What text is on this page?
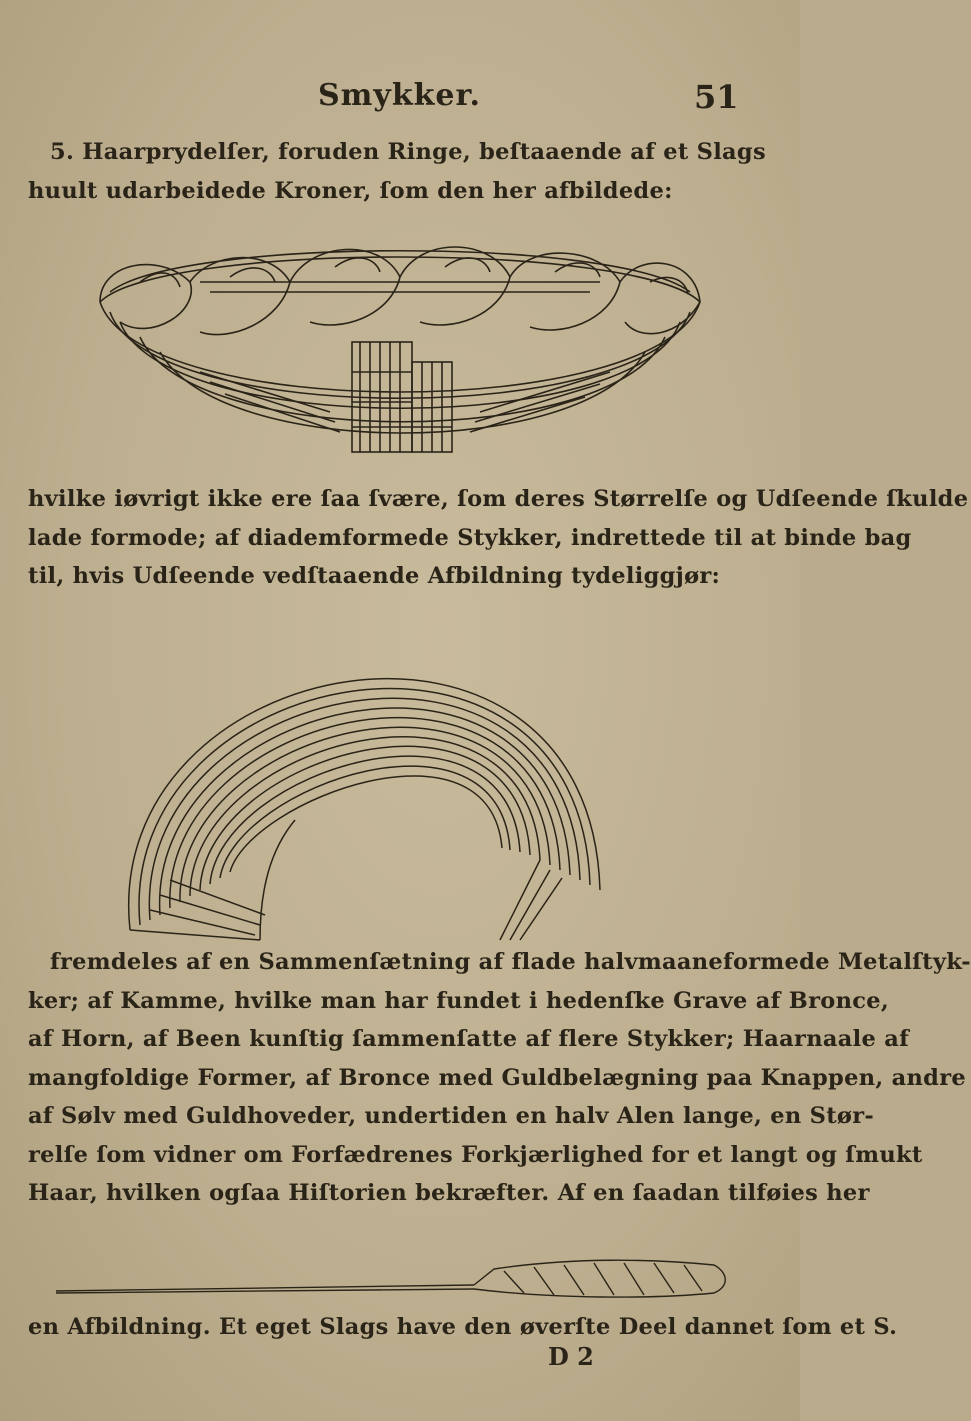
Smykker.	51
5. Haarprydelſer, foruden Ringe, beſtaaende af et Slags
huult udarbeidede Kroner, ſom den her afbildede:
hvilke iøvrigt ikke ere ſaa ſvære, ſom deres Størrelſe og Udſeende ſkulde
lade formode; af diademformede Stykker, indrettede til at binde bag
til, hvis Udſeende vedſtaaende Afbildning tydeliggjør:
fremdeles af en Sammenſætning af flade halvmaaneformede Metalſtyk-
ker; af Kamme, hvilke man har fundet i hedenſke Grave af Bronce,
af Horn, af Been kunſtig ſammenſatte af flere Stykker; Haarnaale af
mangfoldige Former, af Bronce med Guldbelægning paa Knappen, andre
af Sølv med Guldhoveder, undertiden en halv Alen lange, en Stør-
relſe ſom vidner om Forfædrenes Forkjærlighed for et langt og ſmukt
Haar, hvilken ogſaa Hiſtorien bekræfter. Af en ſaadan tilføies her
en Afbildning. Et eget Slags have den øverſte Deel dannet ſom et S.
D 2
